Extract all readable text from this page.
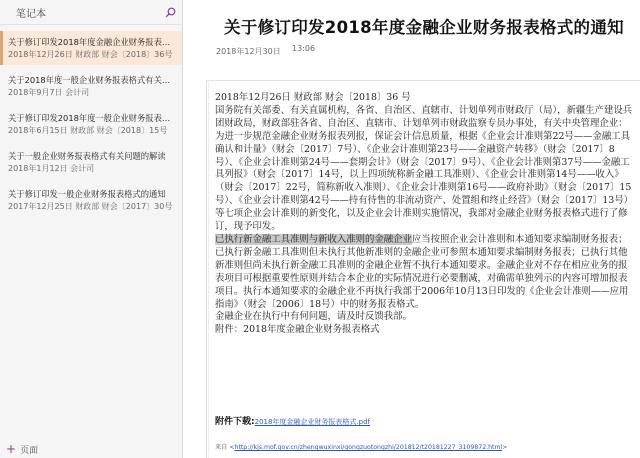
笔记本
关于修订印发2018年度金融企业财务报表格...
2018年12月26日 财政部 财会〔2018〕36号
关于2018年度一般企业财务报表格式有关问...
2018年9月7日 会计司
关于修订印发2018年度一般企业财务报表格...
2018年6月15日 财政部 财会〔2018〕15号
关于一般企业财务报表格式有关问题的解读
2018年1月12日 会计司
关于修订印发一般企业财务报表格式的通知
2017年12月25日 财政部 财会〔2017〕30号
+ 页面
关于修订印发2018年度金融企业财务报表格式的通知
2018年12月30日 13:06

2018年12月26日 财政部 财会〔2018〕36 号

国务院有关部委、有关直属机构，各省、自治区、直辖市、计划单列市财政厅（局），新疆生产建设兵团财政局，财政部驻各省、自治区、直辖市、计划单列市财政监察专员办事处，有关中央管理企业：

为进一步规范金融企业财务报表列报，保证会计信息质量，根据《企业会计准则第22号——金融工具确认和计量》（财会〔2017〕7号）、《企业会计准则第23号——金融资产转移》（财会〔2017〕8号）、《企业会计准则第24号——套期会计》（财会〔2017〕9号）、《企业会计准则第37号——金融工具列报》（财会〔2017〕14号，以上四项统称新金融工具准则）、《企业会计准则第14号——收入》（财会〔2017〕22号，简称新收入准则）、《企业会计准则第16号——政府补助》（财会〔2017〕15号）、《企业会计准则第42号——持有待售的非流动资产、处置组和终止经营》（财会〔2017〕13号）等七项企业会计准则的新变化，以及企业会计准则实施情况，我部对金融企业财务报表格式进行了修订，现予印发。

已执行新金融工具准则与新收入准则的金融企业应当按照企业会计准则和本通知要求编制财务报表；已执行新金融工具准则但未执行其他新准则的金融企业可参照本通知要求编制财务报表；已执行其他新准则但尚未执行新金融工具准则的金融企业暂不执行本通知要求。金融企业对不存在相应业务的报表项目可根据重要性原则并结合本企业的实际情况进行必要删减，对确需单独列示的内容可增加报表项目。执行本通知要求的金融企业不再执行我部于2006年10月13日印发的《企业会计准则——应用指南》（财会〔2006〕18号）中的财务报表格式。

金融企业在执行中有何问题，请及时反馈我部。

附件：2018年度金融企业财务报表格式

附件下载:2018年度金融企业财务报表格式.pdf
来自 <http://kjs.mof.gov.cn/zhengwuxinxi/gongzuotongzhi/201812/t20181227_3109872.html>
